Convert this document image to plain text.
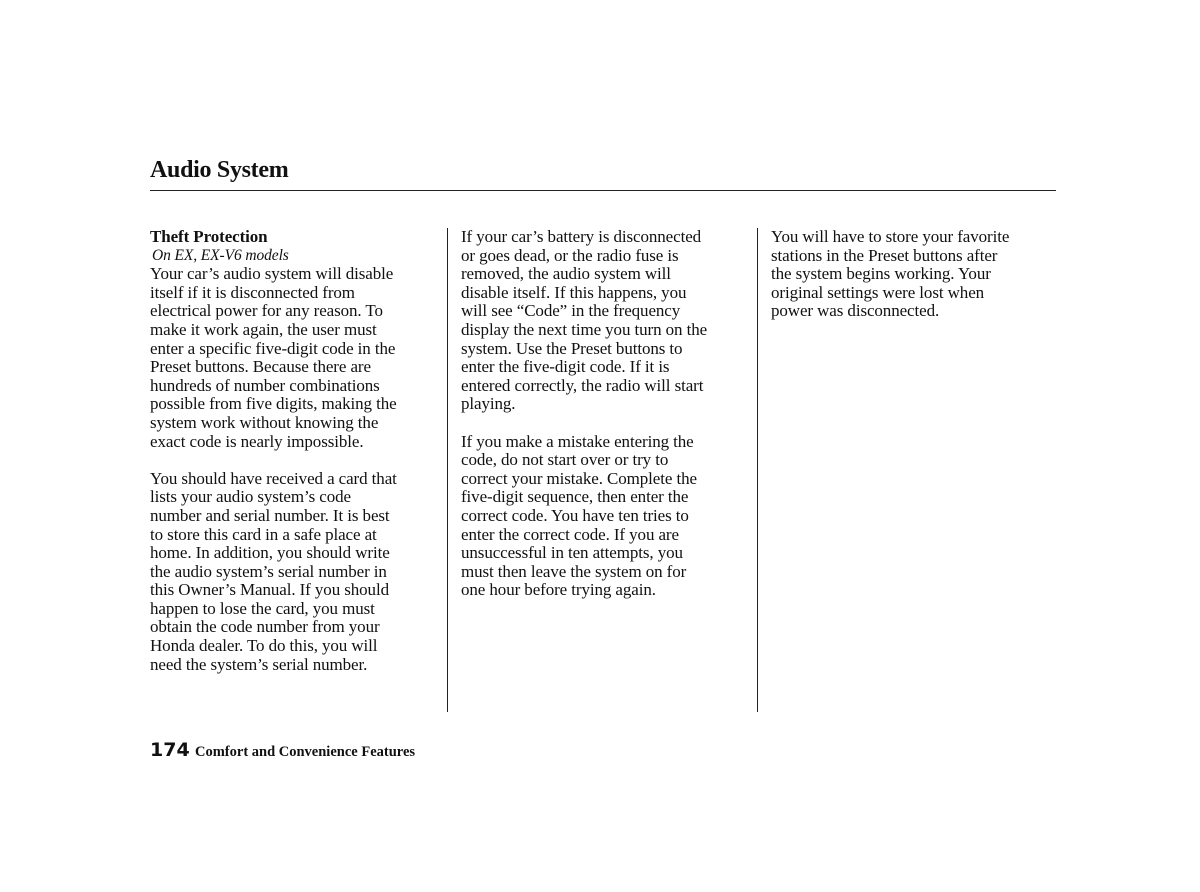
Audio System
Theft Protection
On EX, EX-V6 models

Your car’s audio system will disable
itself if it is disconnected from
electrical power for any reason. To
make it work again, the user must
enter a specific five-digit code in the
Preset buttons. Because there are
hundreds of number combinations
possible from five digits, making the
system work without knowing the
exact code is nearly impossible.

You should have received a card that
lists your audio system’s code
number and serial number. It is best
to store this card in a safe place at
home. In addition, you should write
the audio system’s serial number in
this Owner’s Manual. If you should
happen to lose the card, you must
obtain the code number from your
Honda dealer. To do this, you will
need the system’s serial number.

If your car’s battery is disconnected
or goes dead, or the radio fuse is
removed, the audio system will
disable itself. If this happens, you
will see “Code” in the frequency
display the next time you turn on the
system. Use the Preset buttons to
enter the five-digit code. If it is
entered correctly, the radio will start
playing.

If you make a mistake entering the
code, do not start over or try to
correct your mistake. Complete the
five-digit sequence, then enter the
correct code. You have ten tries to
enter the correct code. If you are
unsuccessful in ten attempts, you
must then leave the system on for
one hour before trying again.

You will have to store your favorite
stations in the Preset buttons after
the system begins working. Your
original settings were lost when
power was disconnected.

174 Comfort and Convenience Features
